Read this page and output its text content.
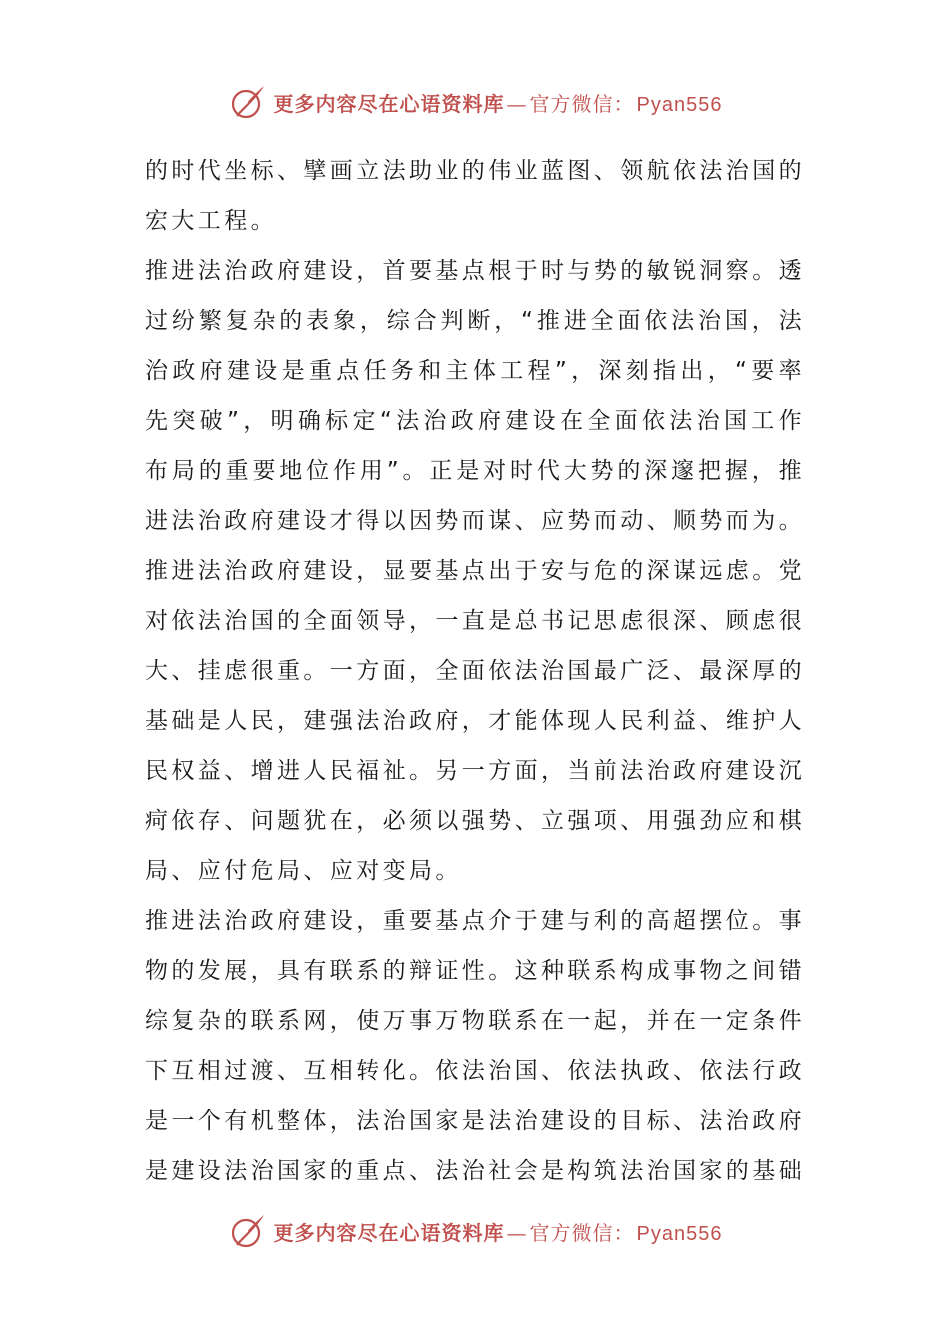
更多内容尽在心语资料库 — 官方微信： Pyan556

的时代坐标、擘画立法助业的伟业蓝图、领航依法治国的宏大工程。

推进法治政府建设，首要基点根于时与势的敏锐洞察。透过纷繁复杂的表象，综合判断，“推进全面依法治国，法治政府建设是重点任务和主体工程”，深刻指出，“要率先突破”，明确标定“法治政府建设在全面依法治国工作布局的重要地位作用”。正是对时代大势的深邃把握，推进法治政府建设才得以因势而谋、应势而动、顺势而为。

推进法治政府建设，显要基点出于安与危的深谋远虑。党对依法治国的全面领导，一直是总书记思虑很深、顾虑很大、挂虑很重。一方面，全面依法治国最广泛、最深厚的基础是人民，建强法治政府，才能体现人民利益、维护人民权益、增进人民福祉。另一方面，当前法治政府建设沉疴依存、问题犹在，必须以强势、立强项、用强劲应和棋局、应付危局、应对变局。

推进法治政府建设，重要基点介于建与利的高超摆位。事物的发展，具有联系的辩证性。这种联系构成事物之间错综复杂的联系网，使万事万物联系在一起，并在一定条件下互相过渡、互相转化。依法治国、依法执政、依法行政是一个有机整体，法治国家是法治建设的目标、法治政府是建设法治国家的重点、法治社会是构筑法治国家的基础

更多内容尽在心语资料库 — 官方微信： Pyan556
